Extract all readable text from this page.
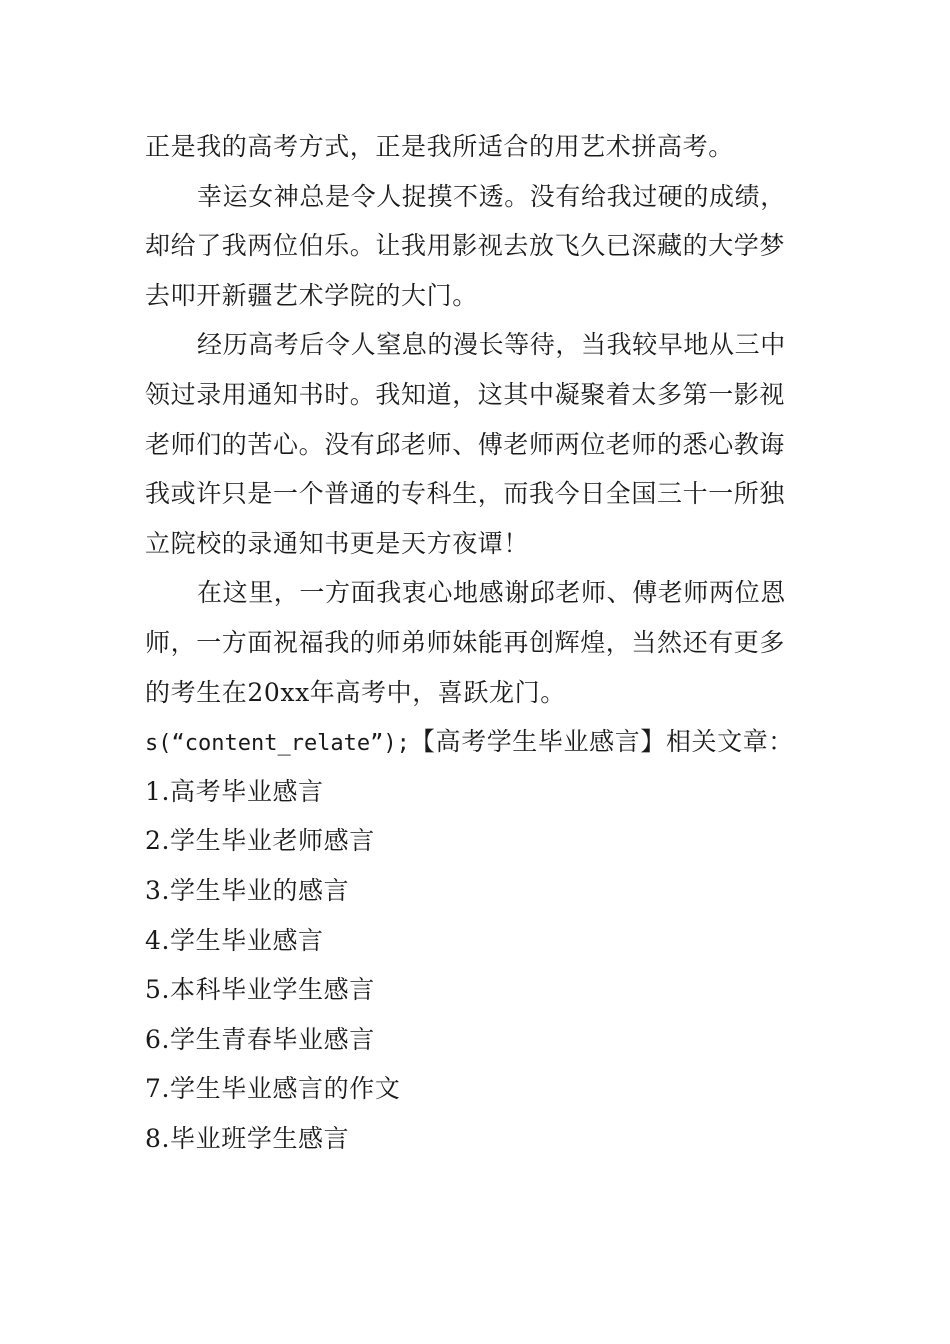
正是我的高考方式，正是我所适合的用艺术拼高考。
幸运女神总是令人捉摸不透。没有给我过硬的成绩，
却给了我两位伯乐。让我用影视去放飞久已深藏的大学梦
去叩开新疆艺术学院的大门。
经历高考后令人窒息的漫长等待，当我较早地从三中
领过录用通知书时。我知道，这其中凝聚着太多第一影视
老师们的苦心。没有邱老师、傅老师两位老师的悉心教诲
我或许只是一个普通的专科生，而我今日全国三十一所独
立院校的录通知书更是天方夜谭！
在这里，一方面我衷心地感谢邱老师、傅老师两位恩
师，一方面祝福我的师弟师妹能再创辉煌，当然还有更多
的考生在20xx年高考中，喜跃龙门。
s(“content_relate”);【高考学生毕业感言】相关文章：
1.高考毕业感言
2.学生毕业老师感言
3.学生毕业的感言
4.学生毕业感言
5.本科毕业学生感言
6.学生青春毕业感言
7.学生毕业感言的作文
8.毕业班学生感言
